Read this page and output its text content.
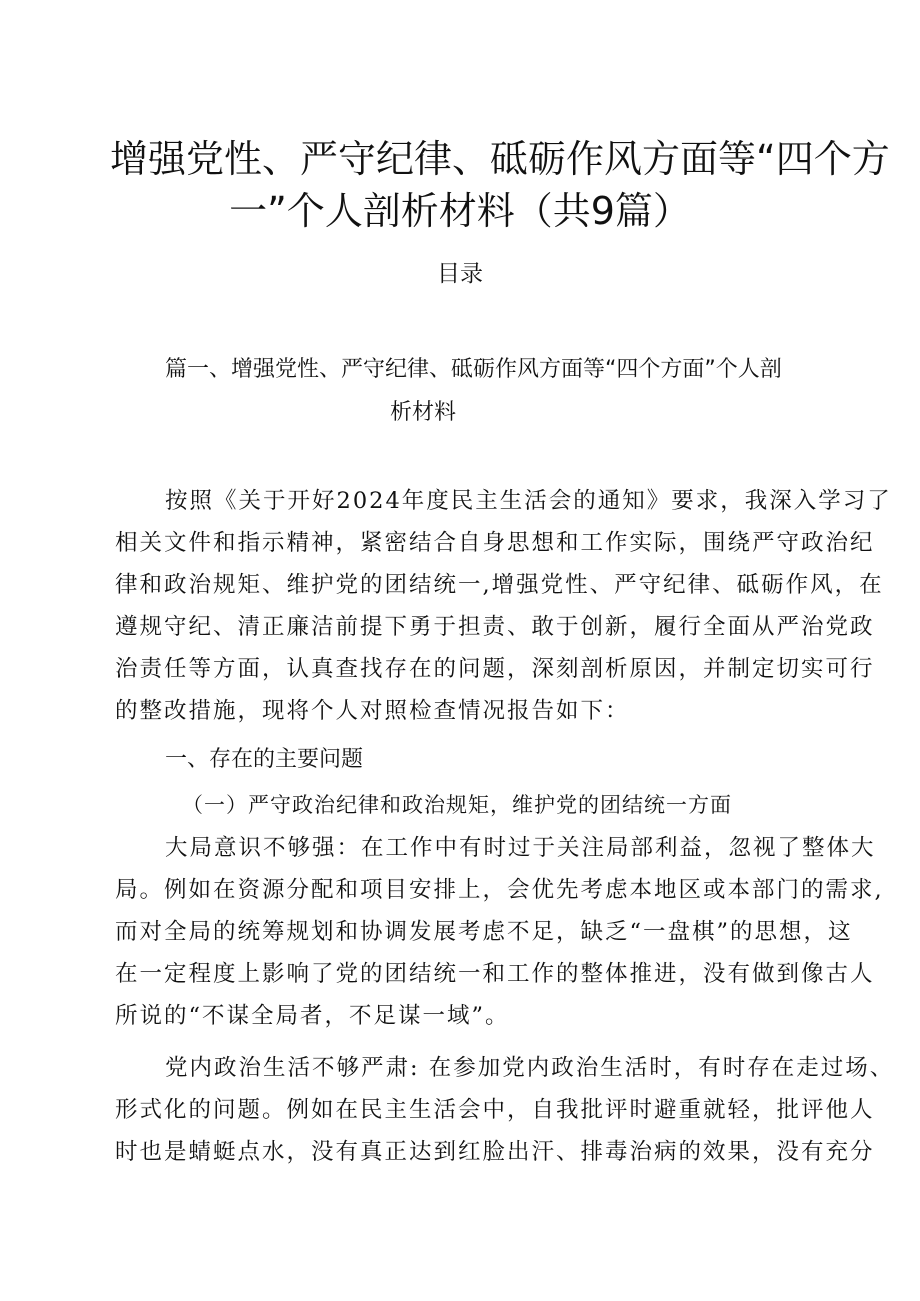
增强党性、严守纪律、砥砺作风方面等“四个方
一”个人剖析材料（共9篇）
目录
篇一、增强党性、严守纪律、砥砺作风方面等“四个方面”个人剖
析材料
按照《关于开好2024年度民主生活会的通知》要求，我深入学习了
相关文件和指示精神，紧密结合自身思想和工作实际，围绕严守政治纪
律和政治规矩、维护党的团结统一,增强党性、严守纪律、砥砺作风，在
遵规守纪、清正廉洁前提下勇于担责、敢于创新，履行全面从严治党政
治责任等方面，认真查找存在的问题，深刻剖析原因，并制定切实可行
的整改措施，现将个人对照检查情况报告如下：
一、存在的主要问题
（一）严守政治纪律和政治规矩，维护党的团结统一方面
大局意识不够强：在工作中有时过于关注局部利益，忽视了整体大
局。例如在资源分配和项目安排上，会优先考虑本地区或本部门的需求,
而对全局的统筹规划和协调发展考虑不足，缺乏“一盘棋”的思想，这
在一定程度上影响了党的团结统一和工作的整体推进，没有做到像古人
所说的“不谋全局者，不足谋一域”。
党内政治生活不够严肃: 在参加党内政治生活时，有时存在走过场、
形式化的问题。例如在民主生活会中，自我批评时避重就轻，批评他人
时也是蜻蜓点水，没有真正达到红脸出汗、排毒治病的效果，没有充分
